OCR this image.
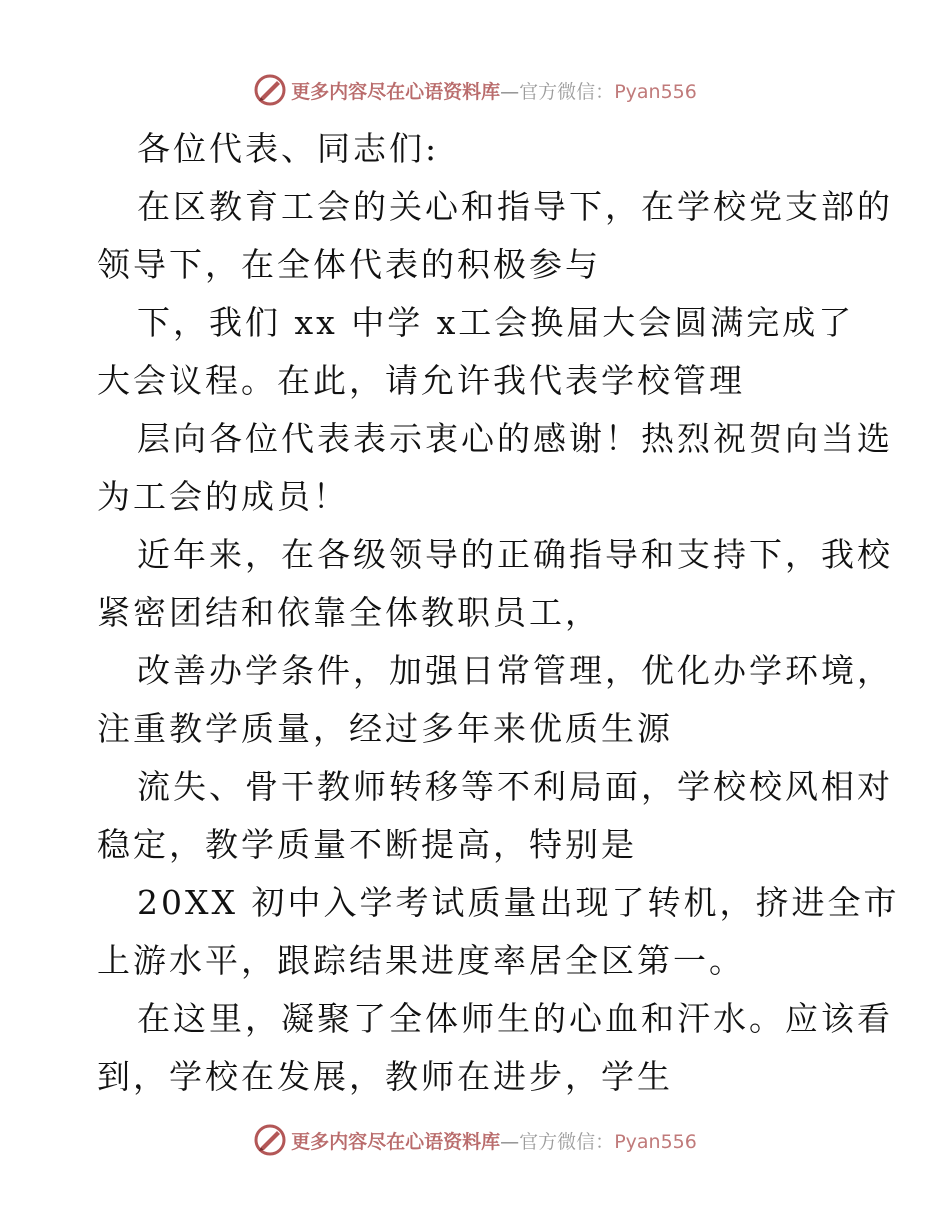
更多内容尽在心语资料库—官方微信：Pyan556
各位代表、同志们:
在区教育工会的关心和指导下，在学校党支部的
领导下，在全体代表的积极参与
下，我们 xx 中学 x工会换届大会圆满完成了
大会议程。在此，请允许我代表学校管理
层向各位代表表示衷心的感谢！热烈祝贺向当选
为工会的成员！
近年来，在各级领导的正确指导和支持下，我校
紧密团结和依靠全体教职员工，
改善办学条件，加强日常管理，优化办学环境，
注重教学质量，经过多年来优质生源
流失、骨干教师转移等不利局面，学校校风相对
稳定，教学质量不断提高，特别是
20XX 初中入学考试质量出现了转机，挤进全市
上游水平，跟踪结果进度率居全区第一。
在这里，凝聚了全体师生的心血和汗水。应该看
到，学校在发展，教师在进步，学生
更多内容尽在心语资料库—官方微信：Pyan556
